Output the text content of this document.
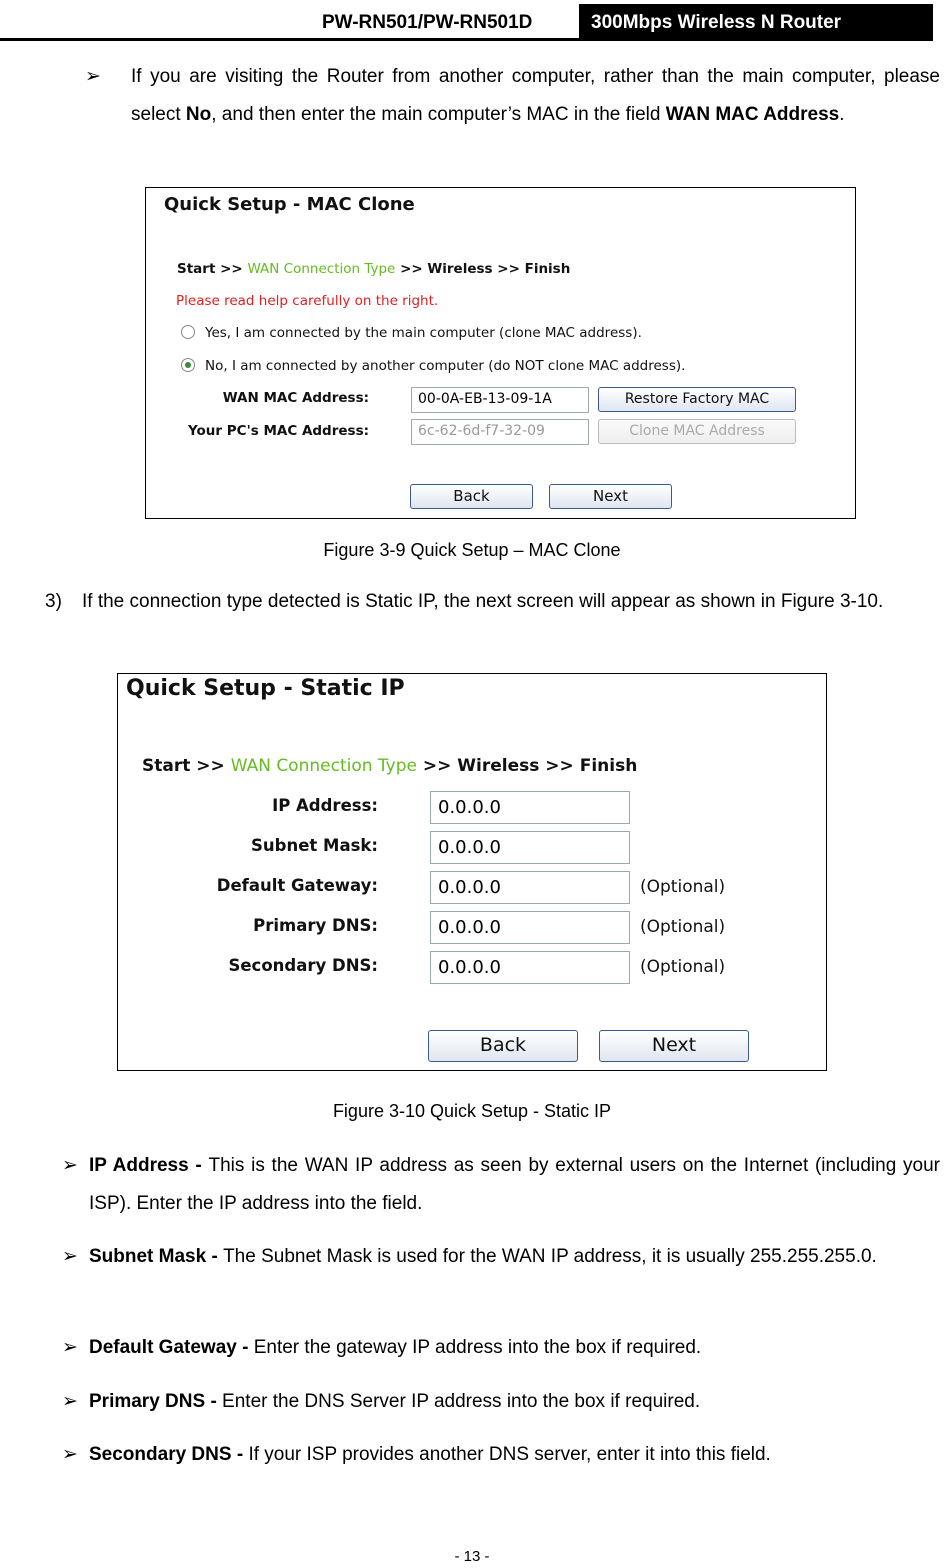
PW-RN501/PW-RN501D	300Mbps Wireless N Router
➢ If you are visiting the Router from another computer, rather than the main computer, please select No, and then enter the main computer’s MAC in the field WAN MAC Address.
Quick Setup - MAC Clone
Start >> WAN Connection Type >> Wireless >> Finish
Please read help carefully on the right.
Yes, I am connected by the main computer (clone MAC address).
No, I am connected by another computer (do NOT clone MAC address).
WAN MAC Address:	00-0A-EB-13-09-1A	Restore Factory MAC
Your PC's MAC Address:	6c-62-6d-f7-32-09	Clone MAC Address
Back	Next
Figure 3-9 Quick Setup – MAC Clone
3) If the connection type detected is Static IP, the next screen will appear as shown in Figure 3-10.
Quick Setup - Static IP
Start >> WAN Connection Type >> Wireless >> Finish
IP Address:	0.0.0.0
Subnet Mask:	0.0.0.0
Default Gateway:	0.0.0.0	(Optional)
Primary DNS:	0.0.0.0	(Optional)
Secondary DNS:	0.0.0.0	(Optional)
Back	Next
Figure 3-10 Quick Setup - Static IP
➢ IP Address - This is the WAN IP address as seen by external users on the Internet (including your ISP). Enter the IP address into the field.
➢ Subnet Mask - The Subnet Mask is used for the WAN IP address, it is usually 255.255.255.0.
➢ Default Gateway - Enter the gateway IP address into the box if required.
➢ Primary DNS - Enter the DNS Server IP address into the box if required.
➢ Secondary DNS - If your ISP provides another DNS server, enter it into this field.
- 13 -
